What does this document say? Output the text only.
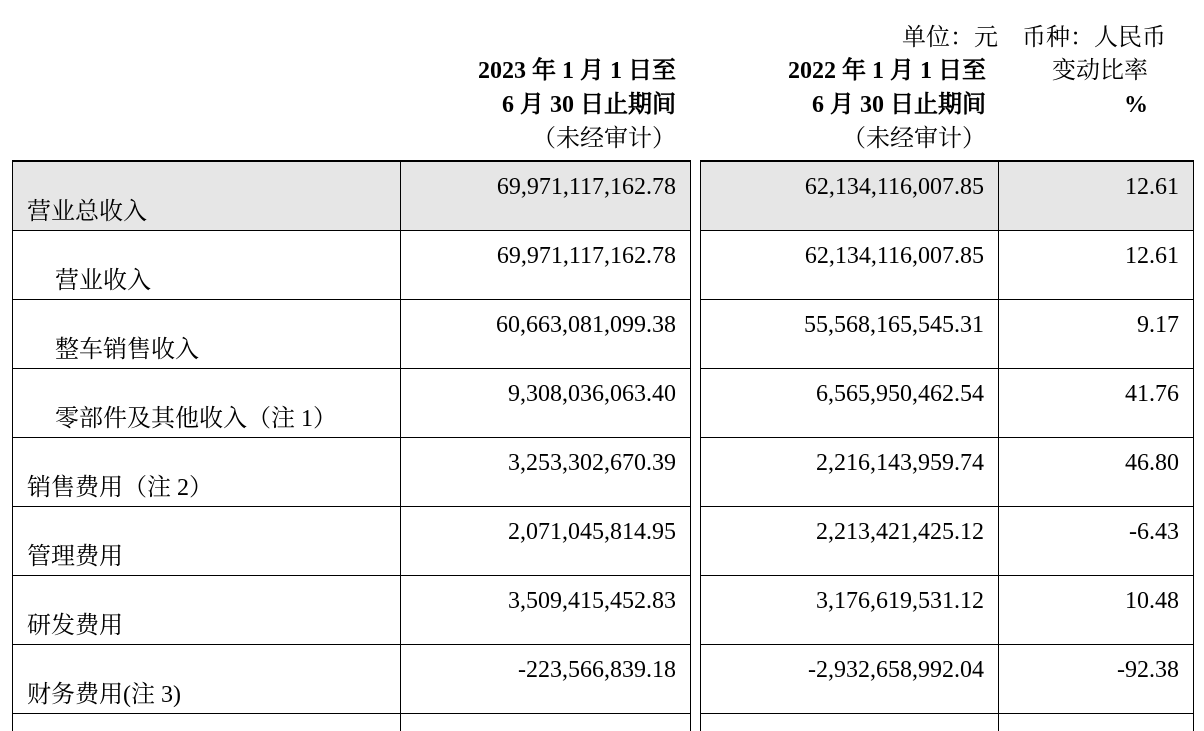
单位：元    币种：人民币
2023 年 1 月 1 日至
6 月 30 日止期间
（未经审计）
2022 年 1 月 1 日至
6 月 30 日止期间
（未经审计）
变动比率
%
营业总收入	69,971,117,162.78		62,134,116,007.85	12.61
营业收入	69,971,117,162.78		62,134,116,007.85	12.61
整车销售收入	60,663,081,099.38		55,568,165,545.31	9.17
零部件及其他收入（注 1）	9,308,036,063.40		6,565,950,462.54	41.76
销售费用（注 2）	3,253,302,670.39		2,216,143,959.74	46.80
管理费用	2,071,045,814.95		2,213,421,425.12	-6.43
研发费用	3,509,415,452.83		3,176,619,531.12	10.48
财务费用(注 3)	-223,566,839.18		-2,932,658,992.04	-92.38
